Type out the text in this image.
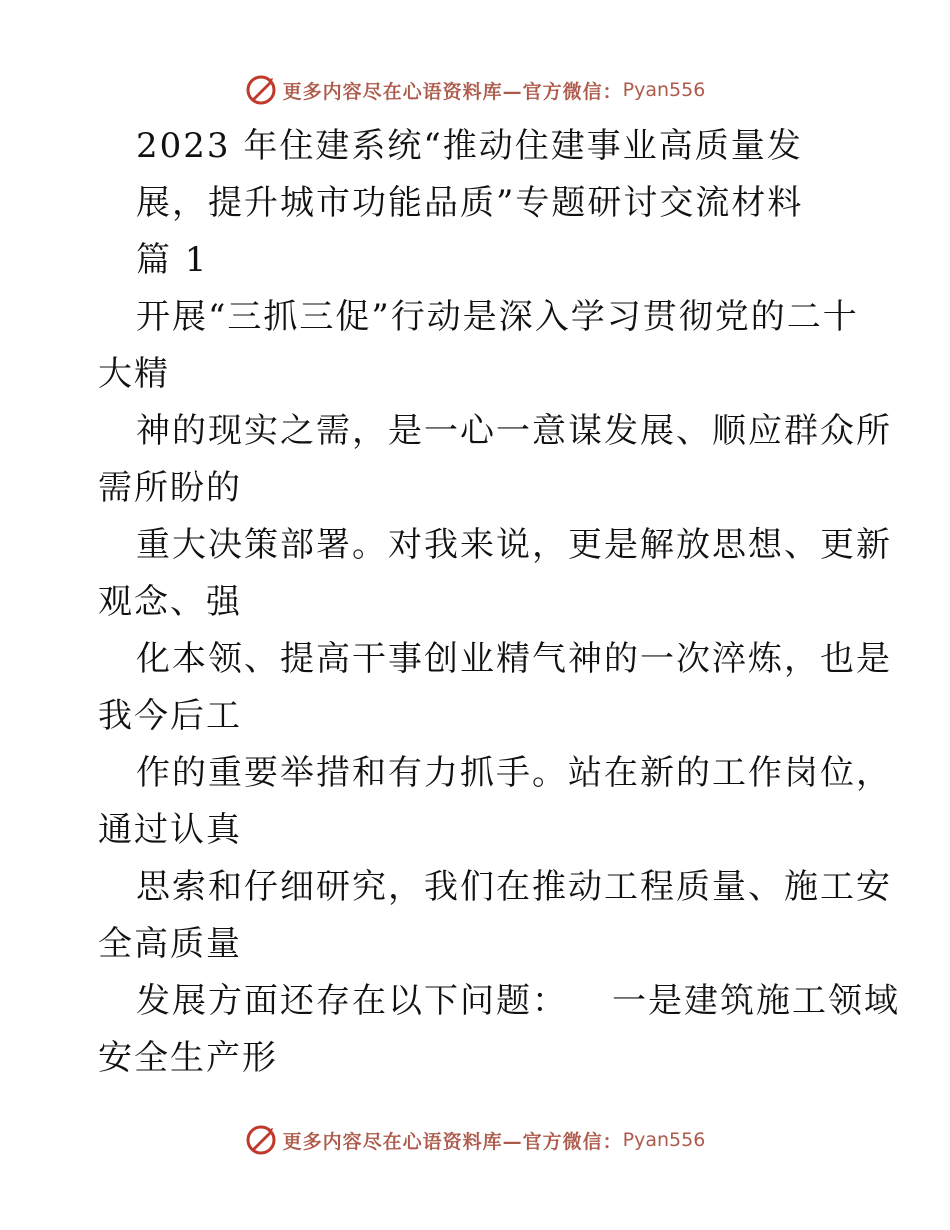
更多内容尽在心语资料库—官方微信： Pyan556
2023 年住建系统“推动住建事业高质量发
展，提升城市功能品质”专题研讨交流材料
篇 1
开展“三抓三促”行动是深入学习贯彻党的二十
大精
神的现实之需，是一心一意谋发展、顺应群众所
需所盼的
重大决策部署。对我来说，更是解放思想、更新
观念、强
化本领、提高干事创业精气神的一次淬炼，也是
我今后工
作的重要举措和有力抓手。站在新的工作岗位，
通过认真
思索和仔细研究，我们在推动工程质量、施工安
全高质量
发展方面还存在以下问题： 一是建筑施工领域
安全生产形
更多内容尽在心语资料库—官方微信： Pyan556
